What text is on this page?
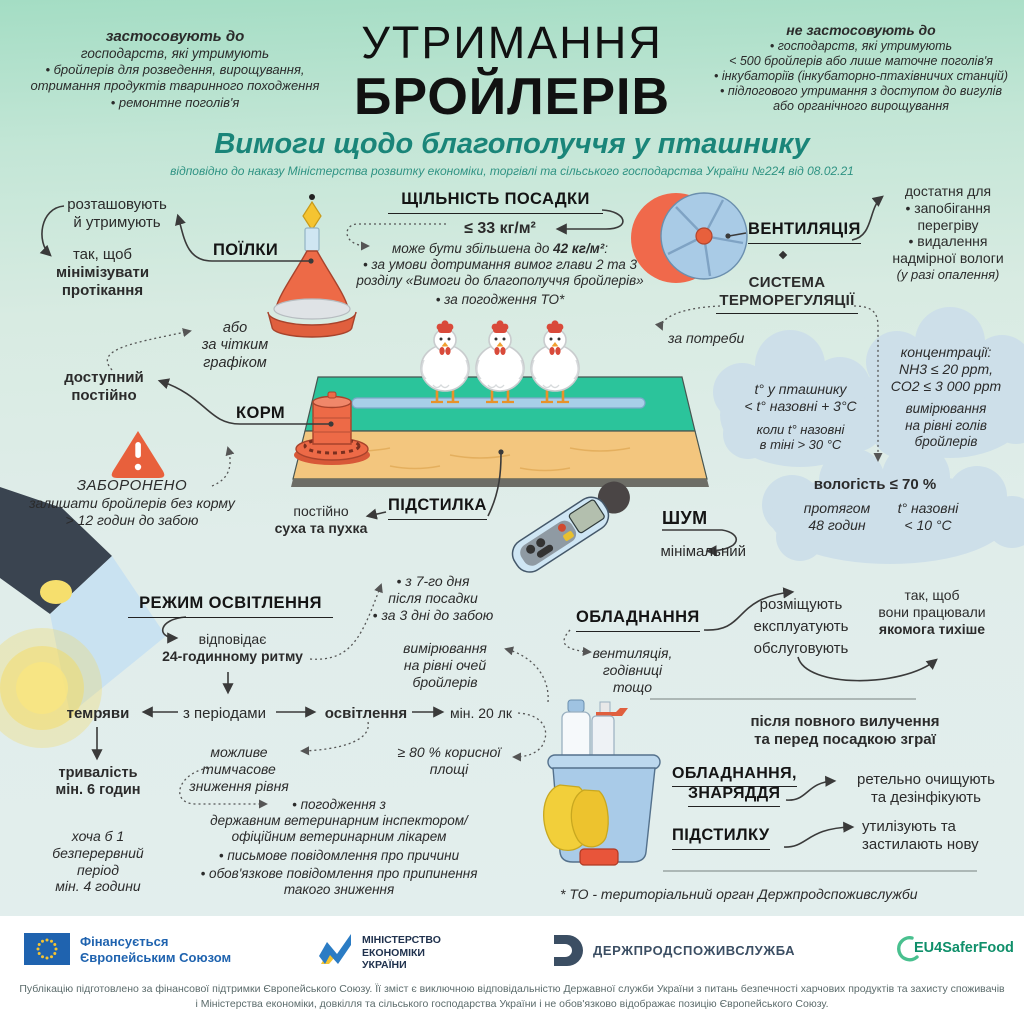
застосовують до
господарств, які утримують
• бройлерів для розведення, вирощування,
отримання продуктів тваринного походження
• ремонтне поголів'я
УТРИМАННЯ
БРОЙЛЕРІВ
не застосовують до
• господарств, які утримують
< 500 бройлерів або лише маточне поголів'я
• інкубаторіїв (інкубаторно-птахівничих станцій)
• підлогового утримання з доступом до вигулів
або органічного вирощування
Вимоги щодо благополуччя у пташнику
відповідно до наказу Міністерства розвитку економіки, торгівлі та сільського господарства України №224 від 08.02.21
розташовують
й утримують
так, щоб
мінімізувати
протікання
ПОЇЛКИ
або
за чітким
графіком
доступний
постійно
КОРМ
ЗАБОРОНЕНО
залишати бройлерів без корму
> 12 годин до забою
ЩІЛЬНІСТЬ ПОСАДКИ
≤ 33 кг/м²
може бути збільшена до 42 кг/м²:
• за умови дотримання вимог глави 2 та 3
розділу «Вимоги до благополуччя бройлерів»
• за погодження ТО*
ВЕНТИЛЯЦІЯ
достатня для
• запобігання
перегріву
• видалення
надмірної вологи
(у разі опалення)
СИСТЕМА
ТЕРМОРЕГУЛЯЦІЇ
за потреби
t° у пташнику
< t° назовні + 3°C
коли t° назовні
в тіні > 30 °C
концентрації:
NH3 ≤ 20 ppm,
CO2 ≤ 3 000 ppm
вимірювання
на рівні голів
бройлерів
вологість ≤ 70 %
протягом
48 годин
t° назовні
< 10 °C
ПІДСТИЛКА
постійно
суха та пухка	ШУМ
мінімальний
РЕЖИМ ОСВІТЛЕННЯ
відповідає
24-годинному ритму
з періодами
темряви	освітлення	мін. 20 лк
≥ 80 % корисної
площі
можливе тимчасове
зниження рівня
тривалість
мін. 6 годин
хоча б 1
безперервний
період
мін. 4 години
• погодження з
державним ветеринарним інспектором/
офіційним ветеринарним лікарем
• письмове повідомлення про причини
• обов'язкове повідомлення про припинення
такого зниження
• з 7-го дня
після посадки
• за 3 дні до забою
вимірювання
на рівні очей
бройлерів
ОБЛАДНАННЯ
вентиляція,
годівниці
тощо
розміщують
експлуатують
обслуговують
так, щоб
вони працювали
якомога тихіше
після повного вилучення
та перед посадкою зграї
ОБЛАДНАННЯ,
ЗНАРЯДДЯ
ретельно очищують
та дезінфікують
ПІДСТИЛКУ	утилізують та
застилають нову
* ТО - територіальний орган Держпродспоживслужби
Фінансується
Європейським Союзом
МІНІСТЕРСТВО
ЕКОНОМІКИ
УКРАЇНИ
ДЕРЖПРОДСПОЖИВСЛУЖБА	EU4SaferFood
Публікацію підготовлено за фінансової підтримки Європейського Союзу. Її зміст є виключною відповідальністю Державної служби України з питань безпечності харчових продуктів та захисту споживачів
і Міністерства економіки, довкілля та сільського господарства України і не обов'язково відображає позицію Європейського Союзу.
